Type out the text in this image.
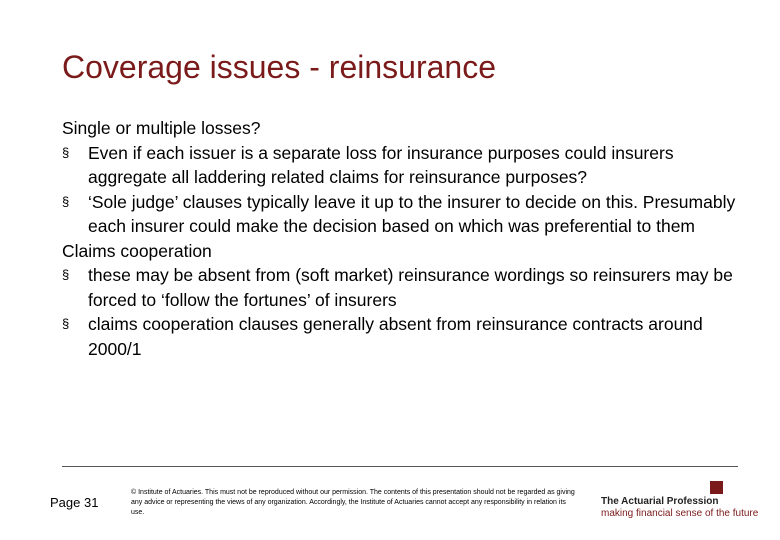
Coverage issues - reinsurance

Single or multiple losses?

§	Even if each issuer is a separate loss for insurance purposes could insurers aggregate all laddering related claims for reinsurance purposes?
§	‘Sole judge’ clauses typically leave it up to the insurer to decide on this. Presumably each insurer could make the decision based on which was preferential to them

Claims cooperation

§	these may be absent from (soft market) reinsurance wordings so reinsurers may be forced to ‘follow the fortunes’ of insurers
§	claims cooperation clauses generally absent from reinsurance contracts around 2000/1
Page 31
© Institute of Actuaries. This must not be reproduced without our permission. The contents of this presentation should not be regarded as giving any advice or representing the views of any organization. Accordingly, the Institute of Actuaries cannot accept any responsibility in relation its use.
The Actuarial Profession
making financial sense of the future
